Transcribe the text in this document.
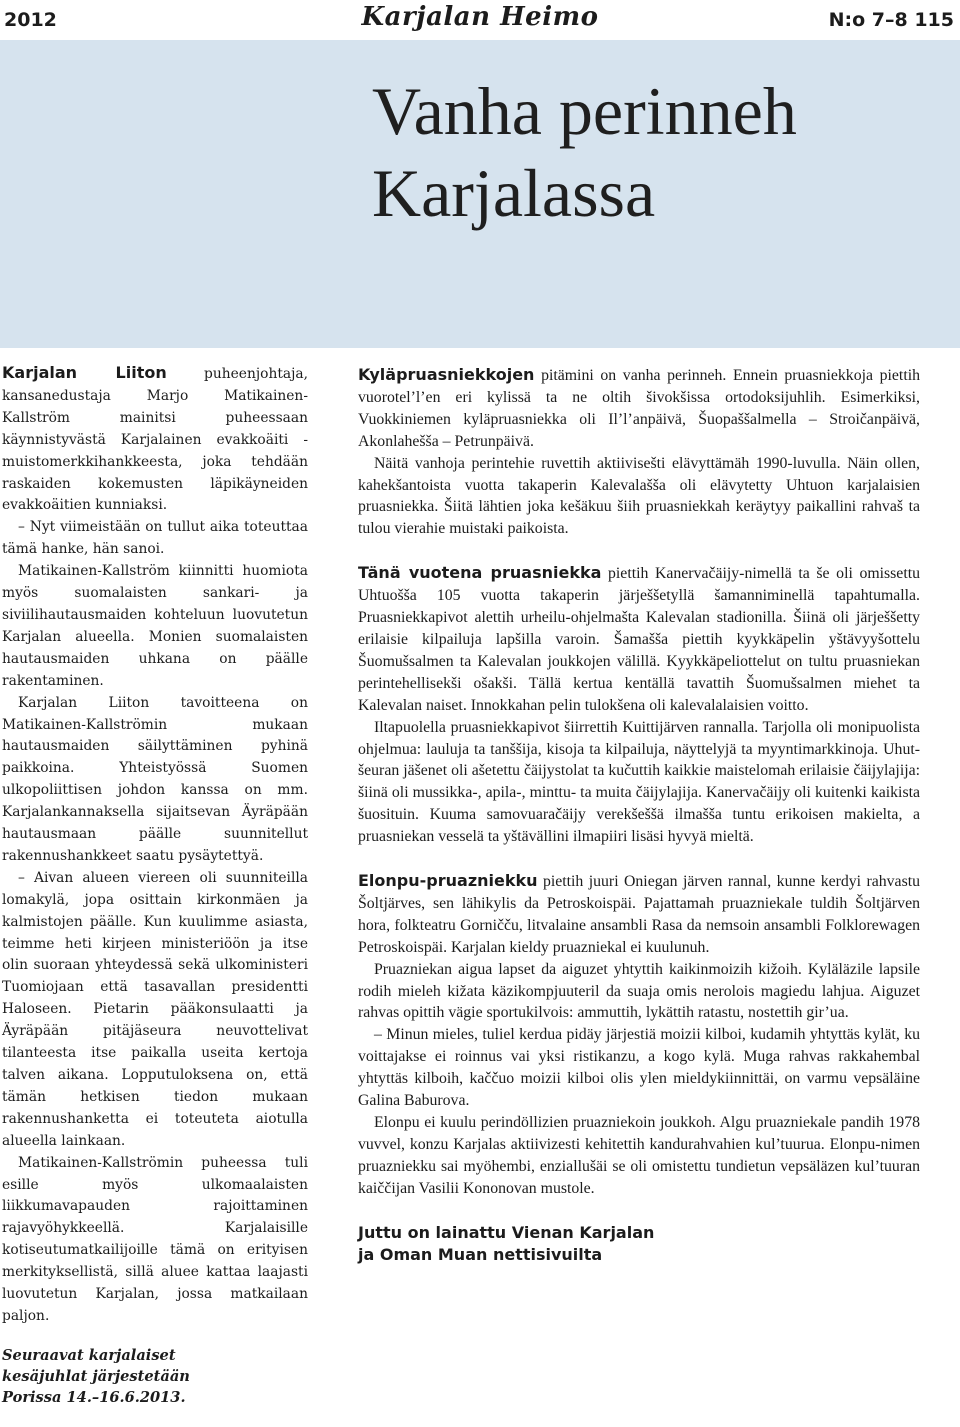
2012	Karjalan Heimo	N:o 7–8 115
Vanha perinneh
Karjalassa

Karjalan Liiton puheenjohtaja, kansanedustaja Marjo Matikainen-Kallström mainitsi puheessaan käynnistyvästä Karjalainen evakkoäiti -muistomerkkihankkeesta, joka tehdään raskaiden kokemusten läpikäyneiden evakkoäitien kunniaksi.

– Nyt viimeistään on tullut aika toteuttaa tämä hanke, hän sanoi.

Matikainen-Kallström kiinnitti huomiota myös suomalaisten sankari- ja siviilihautausmaiden kohteluun luovutetun Karjalan alueella. Monien suomalaisten hautausmaiden uhkana on päälle rakentaminen.

Karjalan Liiton tavoitteena on Matikainen-Kallströmin mukaan hautausmaiden säilyttäminen pyhinä paikkoina. Yhteistyössä Suomen ulkopoliittisen johdon kanssa on mm. Karjalankannaksella sijaitsevan Äyräpään hautausmaan päälle suunnitellut rakennushankkeet saatu pysäytettyä.

– Aivan alueen viereen oli suunniteilla lomakylä, jopa osittain kirkonmäen ja kalmistojen päälle. Kun kuulimme asiasta, teimme heti kirjeen ministeriöön ja itse olin suoraan yhteydessä sekä ulkoministeri Tuomiojaan että tasavallan presidentti Haloseen. Pietarin pääkonsulaatti ja Äyräpään pitäjäseura neuvottelivat tilanteesta itse paikalla useita kertoja talven aikana. Lopputuloksena on, että tämän hetkisen tiedon mukaan rakennushanketta ei toteuteta aiotulla alueella lainkaan.

Matikainen-Kallströmin puheessa tuli esille myös ulkomaalaisten liikkumavapauden rajoittaminen rajavyöhykkeellä. Karjalaisille kotiseutumatkailijoille tämä on erityisen merkityksellistä, sillä aluee kattaa laajasti luovutetun Karjalan, jossa matkailaan paljon.

Seuraavat karjalaiset
kesäjuhlat järjestetään
Porissa 14.–16.6.2013.

Kyläpruasniekkojen pitämini on vanha perinneh. Ennein pruasniekkoja piettih vuorotel’l’en eri kylissä ta ne oltih šivokšissa ortodoksijuhlih. Esimerkiksi, Vuokkiniemen kyläpruasniekka oli Il’l’anpäivä, Šuopaššalmella – Stroičanpäivä, Akonlahešša – Petrunpäivä.

Näitä vanhoja perintehie ruvettih aktiivisešti elävyttämäh 1990-luvulla. Näin ollen, kahekšantoista vuotta takaperin Kalevalašša oli elävytetty Uhtuon karjalaisien pruasniekka. Šiitä lähtien joka kešäkuu šiih pruasniekkah keräytyy paikallini rahvaš ta tulou vierahie muistaki paikoista.

Tänä vuotena pruasniekka piettih Kanervačäijy-nimellä ta še oli omissettu Uhtuošša 105 vuotta takaperin järješšetyllä šamanniminellä tapahtumalla. Pruasniekkapivot alettih urheilu-ohjelmašta Kalevalan stadionilla. Šiinä oli järješšetty erilaisie kilpailuja lapšilla varoin. Šamašša piettih kyykkäpelin yštävyyšottelu Šuomušsalmen ta Kalevalan joukkojen välillä. Kyykkäpeliottelut on tultu pruasniekan perintehellisekši ošakši. Tällä kertua kentällä tavattih Šuomušsalmen miehet ta Kalevalan naiset. Innokkahan pelin tulokšena oli kalevalalaisien voitto.

Iltapuolella pruasniekkapivot šiirrettih Kuittijärven rannalla. Tarjolla oli monipuolista ohjelmua: lauluja ta tanššija, kisoja ta kilpailuja, näyttelyjä ta myyntimarkkinoja. Uhut-šeuran jäšenet oli ašetettu čäijystolat ta kučuttih kaikkie maistelomah erilaisie čäijylajija: šiinä oli mussikka-, apila-, minttu- ta muita čäijylajija. Kanervačäijy oli kuitenki kaikista šuosituin. Kuuma samovuaračäijy verekšeššä ilmašša tuntu erikoisen makielta, a pruasniekan vesselä ta yštävällini ilmapiiri lisäsi hyvyä mieltä.

Elonpu-pruazniekku piettih juuri Oniegan järven rannal, kunne kerdyi rahvastu Šoltjärves, sen lähikylis da Petroskoispäi. Pajattamah pruazniekale tuldih Šoltjärven hora, folkteatru Gorničču, litvalaine ansambli Rasa da nemsoin ansambli Folklorewagen Petroskoispäi. Karjalan kieldy pruazniekal ei kuulunuh.

Pruaznieka​n aigua lapset da aiguzet yhtyttih kaikinmoizih kižoih. Kyläläzile lapsile rodih mieleh kižata käzikompjuuteril da suaja omis nerolois magiedu lahjua. Aiguzet rahvas opittih vägie sportukilvois: ammuttih, lykättih ratastu, nostettih gir’ua.

– Minun mieles, tuliel kerdua pidäy järjestiä moizii kilboi, kudamih yhtyttäs kylät, ku voittajakse ei roinnus vai yksi ristikanzu, a kogo kylä. Muga rahvas rakkahembal yhtyttäs kilboih, kaččuo moizii kilboi olis ylen mieldykiinnittäi, on varmu vepsäläine Galina Baburova.

Elonpu ei kuulu perindöllizien pruazniekoin joukkoh. Algu pruazniekale pandih 1978 vuvvel, konzu Karjalas aktiivizesti kehitettih kandurahvahien kul’tuurua. Elonpu-nimen pruazniekku sai myöhembi, enziallušäi se oli omistettu tundietun vepsäläzen kul’tuuran kaiččijan Vasilii Kononovan mustole.

Juttu on lainattu Vienan Karjalan
ja Oman Muan nettisivuilta
